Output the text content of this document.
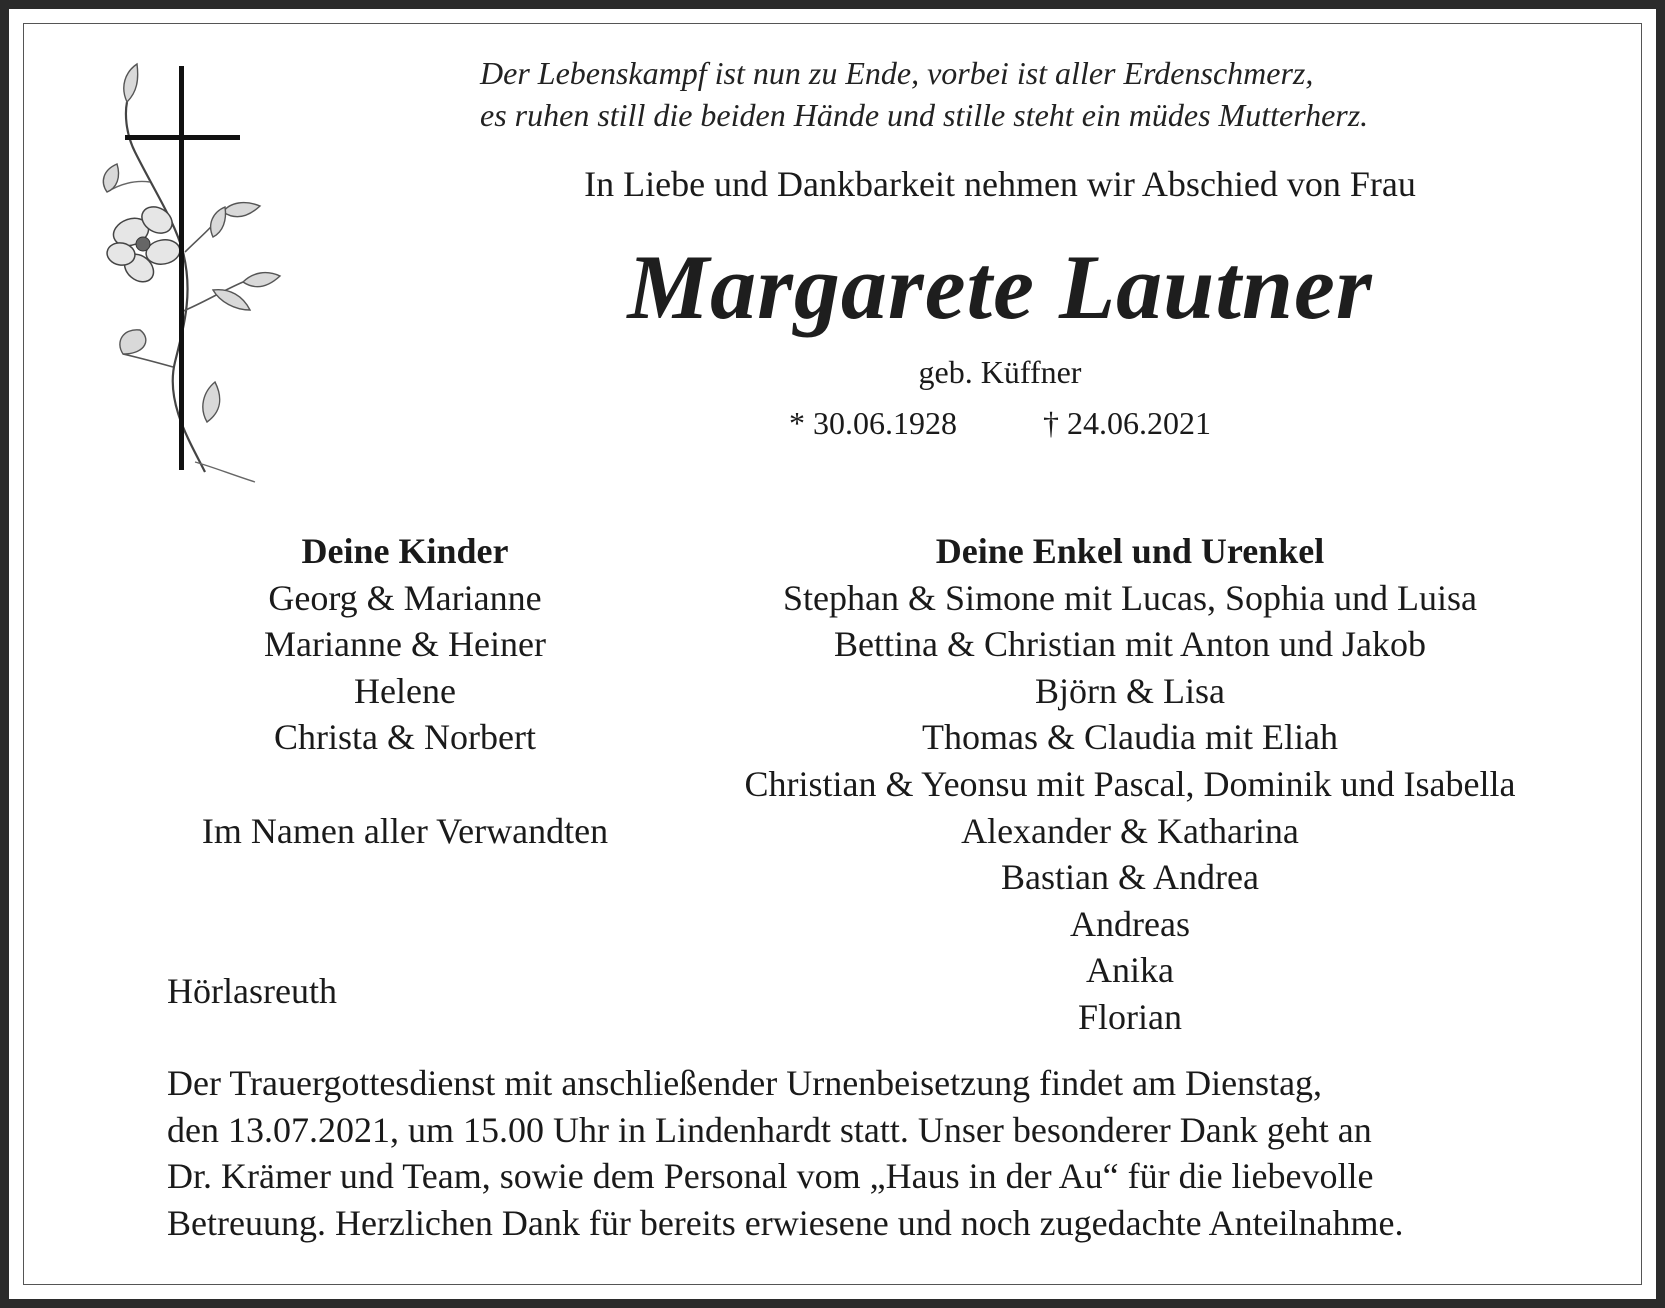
Der Lebenskampf ist nun zu Ende, vorbei ist aller Erdenschmerz,
es ruhen still die beiden Hände und stille steht ein müdes Mutterherz.
In Liebe und Dankbarkeit nehmen wir Abschied von Frau
Margarete Lautner
geb. Küffner
* 30.06.1928	† 24.06.2021
Deine Kinder
Georg & Marianne
Marianne & Heiner
Helene
Christa & Norbert
Deine Enkel und Urenkel
Stephan & Simone mit Lucas, Sophia und Luisa
Bettina & Christian mit Anton und Jakob
Björn & Lisa
Thomas & Claudia mit Eliah
Christian & Yeonsu mit Pascal, Dominik und Isabella
Alexander & Katharina
Bastian & Andrea
Andreas
Anika
Florian
Im Namen aller Verwandten
Hörlasreuth
Der Trauergottesdienst mit anschließender Urnenbeisetzung findet am Dienstag,
den 13.07.2021, um 15.00 Uhr in Lindenhardt statt. Unser besonderer Dank geht an
Dr. Krämer und Team, sowie dem Personal vom „Haus in der Au“ für die liebevolle
Betreuung. Herzlichen Dank für bereits erwiesene und noch zugedachte Anteilnahme.
